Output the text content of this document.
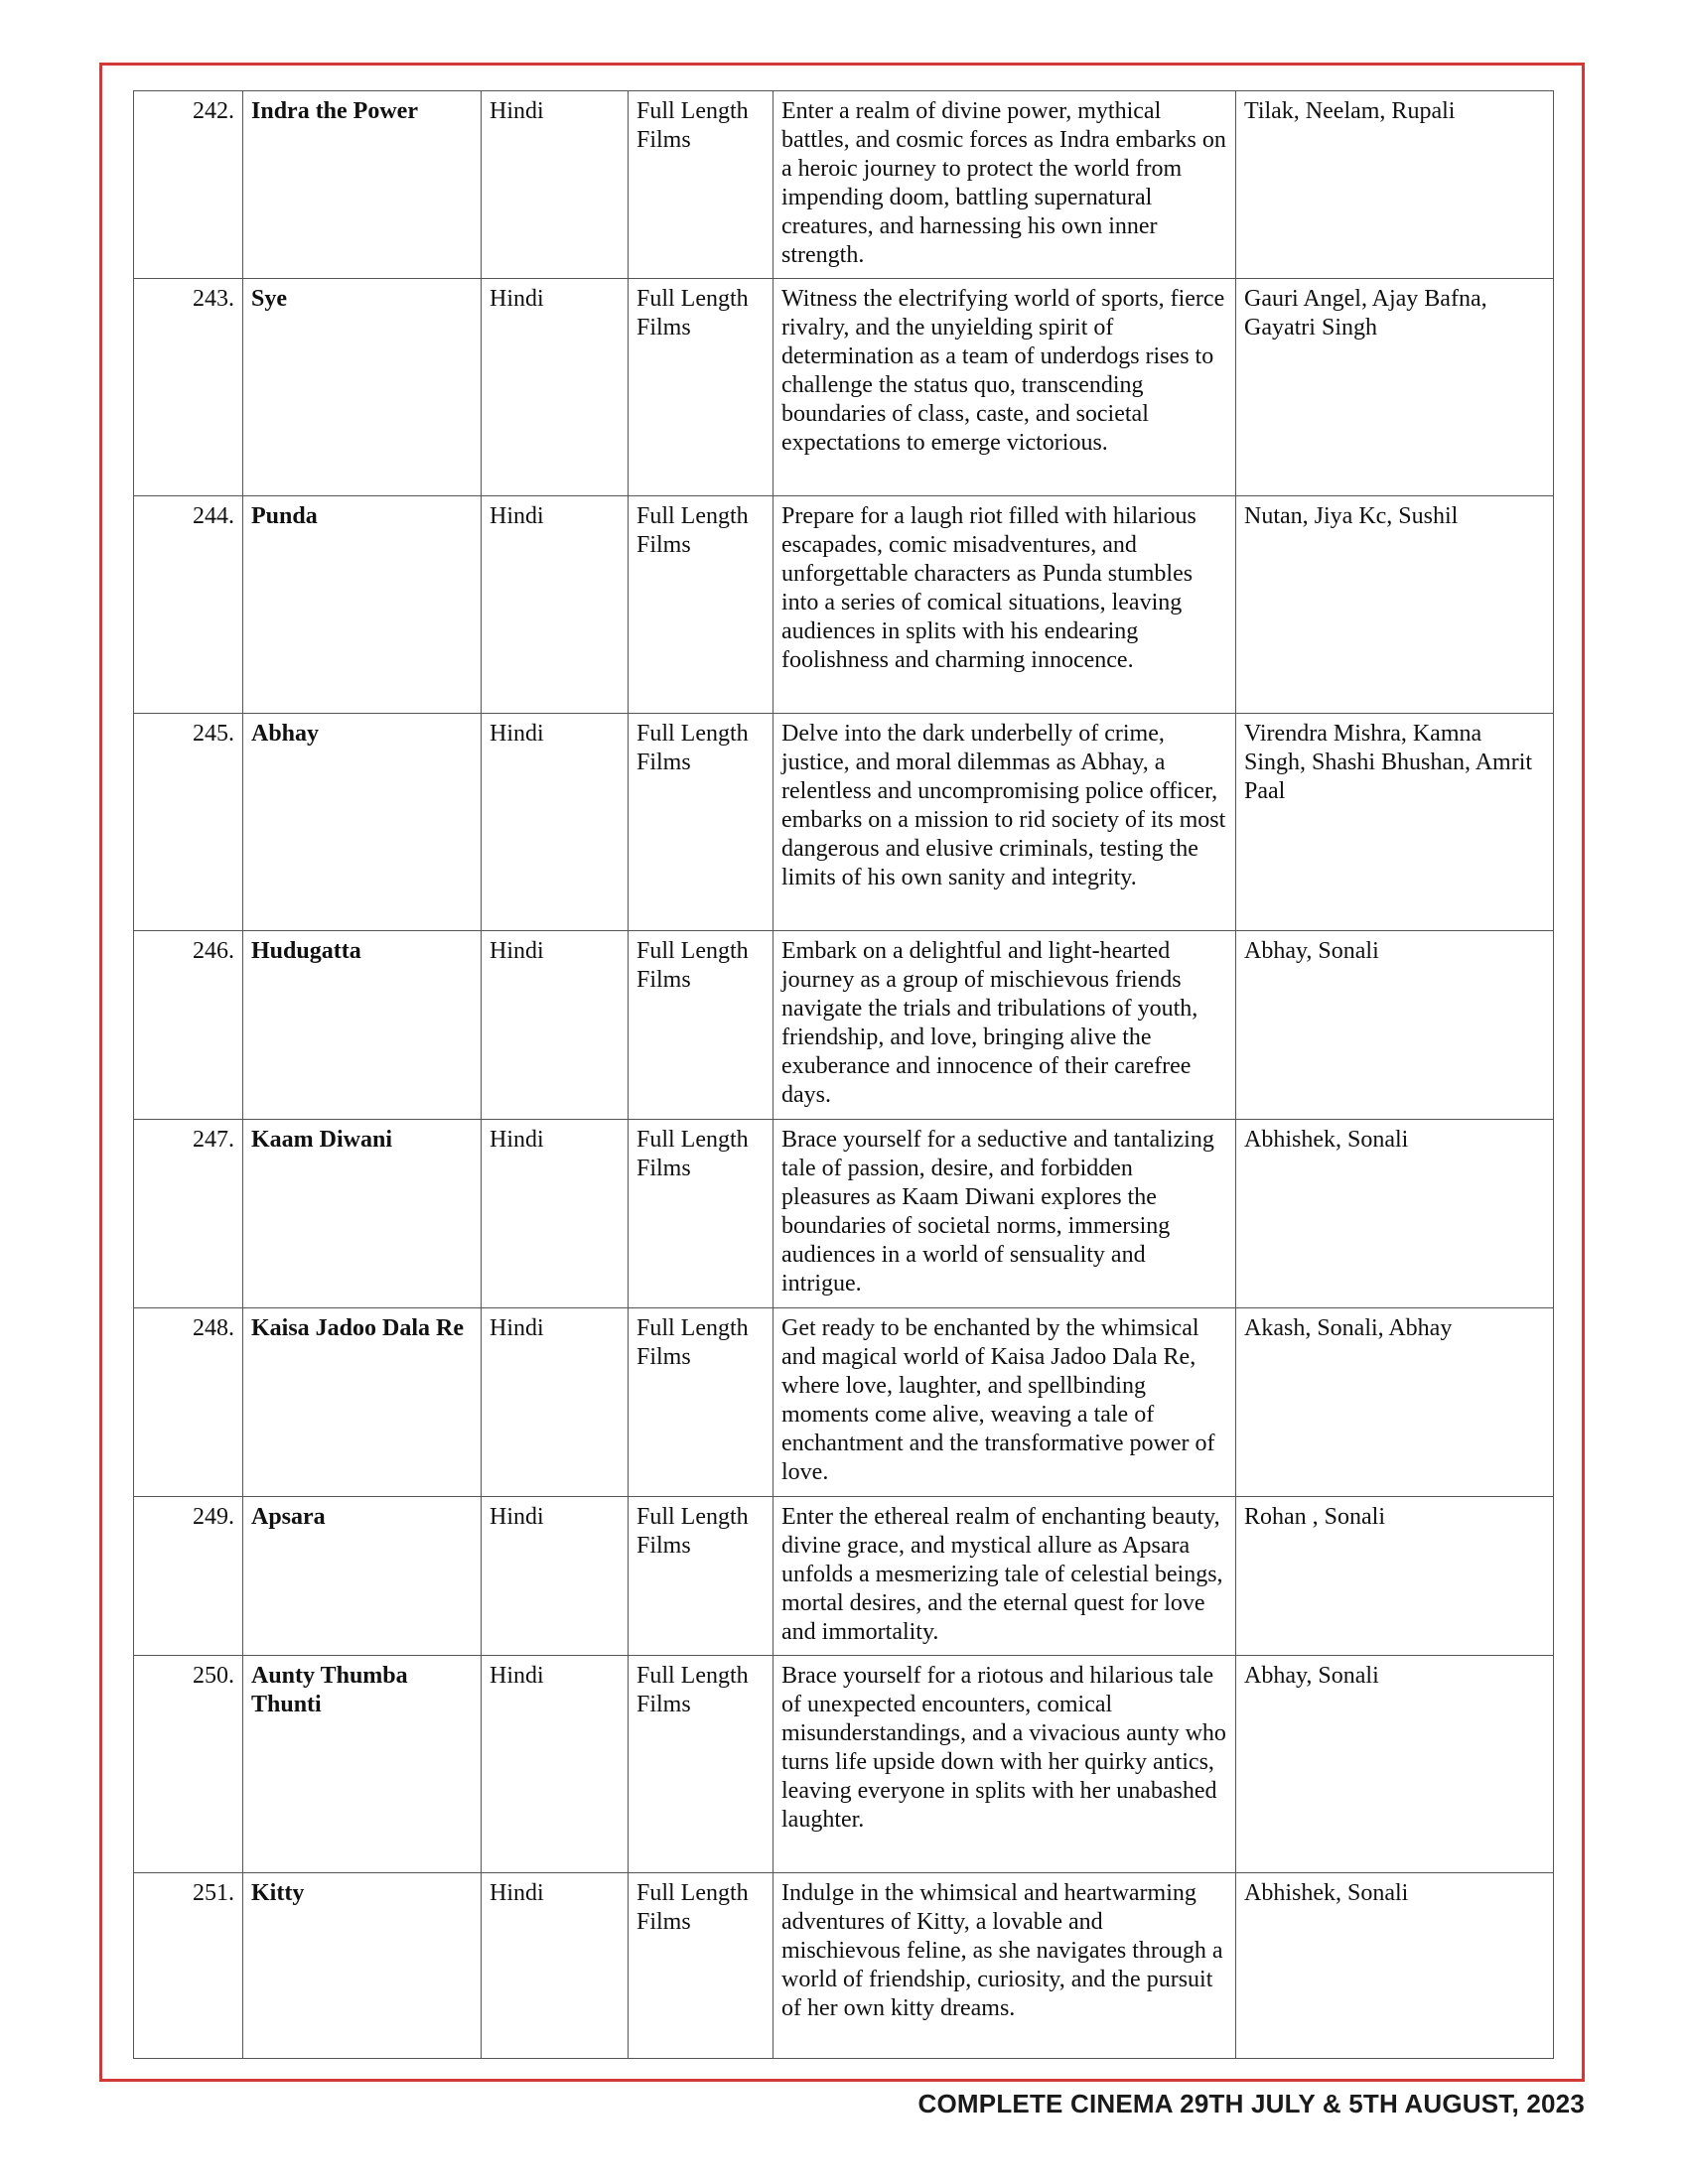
242.	Indra the Power	Hindi	Full Length Films	Enter a realm of divine power, mythical battles, and cosmic forces as Indra embarks on a heroic journey to protect the world from impending doom, battling supernatural creatures, and harnessing his own inner strength.	Tilak, Neelam, Rupali
243.	Sye	Hindi	Full Length Films	Witness the electrifying world of sports, fierce rivalry, and the unyielding spirit of determination as a team of underdogs rises to challenge the status quo, transcending boundaries of class, caste, and societal expectations to emerge victorious.	Gauri Angel, Ajay Bafna, Gayatri Singh
244.	Punda	Hindi	Full Length Films	Prepare for a laugh riot filled with hilarious escapades, comic misadventures, and unforgettable characters as Punda stumbles into a series of comical situations, leaving audiences in splits with his endearing foolishness and charming innocence.	Nutan, Jiya Kc, Sushil
245.	Abhay	Hindi	Full Length Films	Delve into the dark underbelly of crime, justice, and moral dilemmas as Abhay, a relentless and uncompromising police officer, embarks on a mission to rid society of its most dangerous and elusive criminals, testing the limits of his own sanity and integrity.	Virendra Mishra, Kamna Singh, Shashi Bhushan, Amrit Paal
246.	Hudugatta	Hindi	Full Length Films	Embark on a delightful and light-hearted journey as a group of mischievous friends navigate the trials and tribulations of youth, friendship, and love, bringing alive the exuberance and innocence of their carefree days.	Abhay, Sonali
247.	Kaam Diwani	Hindi	Full Length Films	Brace yourself for a seductive and tantalizing tale of passion, desire, and forbidden pleasures as Kaam Diwani explores the boundaries of societal norms, immersing audiences in a world of sensuality and intrigue.	Abhishek, Sonali
248.	Kaisa Jadoo Dala Re	Hindi	Full Length Films	Get ready to be enchanted by the whimsical and magical world of Kaisa Jadoo Dala Re, where love, laughter, and spellbinding moments come alive, weaving a tale of enchantment and the transformative power of love.	Akash, Sonali, Abhay
249.	Apsara	Hindi	Full Length Films	Enter the ethereal realm of enchanting beauty, divine grace, and mystical allure as Apsara unfolds a mesmerizing tale of celestial beings, mortal desires, and the eternal quest for love and immortality.	Rohan , Sonali
250.	Aunty Thumba Thunti	Hindi	Full Length Films	Brace yourself for a riotous and hilarious tale of unexpected encounters, comical misunderstandings, and a vivacious aunty who turns life upside down with her quirky antics, leaving everyone in splits with her unabashed laughter.	Abhay, Sonali
251.	Kitty	Hindi	Full Length Films	Indulge in the whimsical and heartwarming adventures of Kitty, a lovable and mischievous feline, as she navigates through a world of friendship, curiosity, and the pursuit of her own kitty dreams.	Abhishek, Sonali
COMPLETE CINEMA 29TH JULY & 5TH AUGUST, 2023
